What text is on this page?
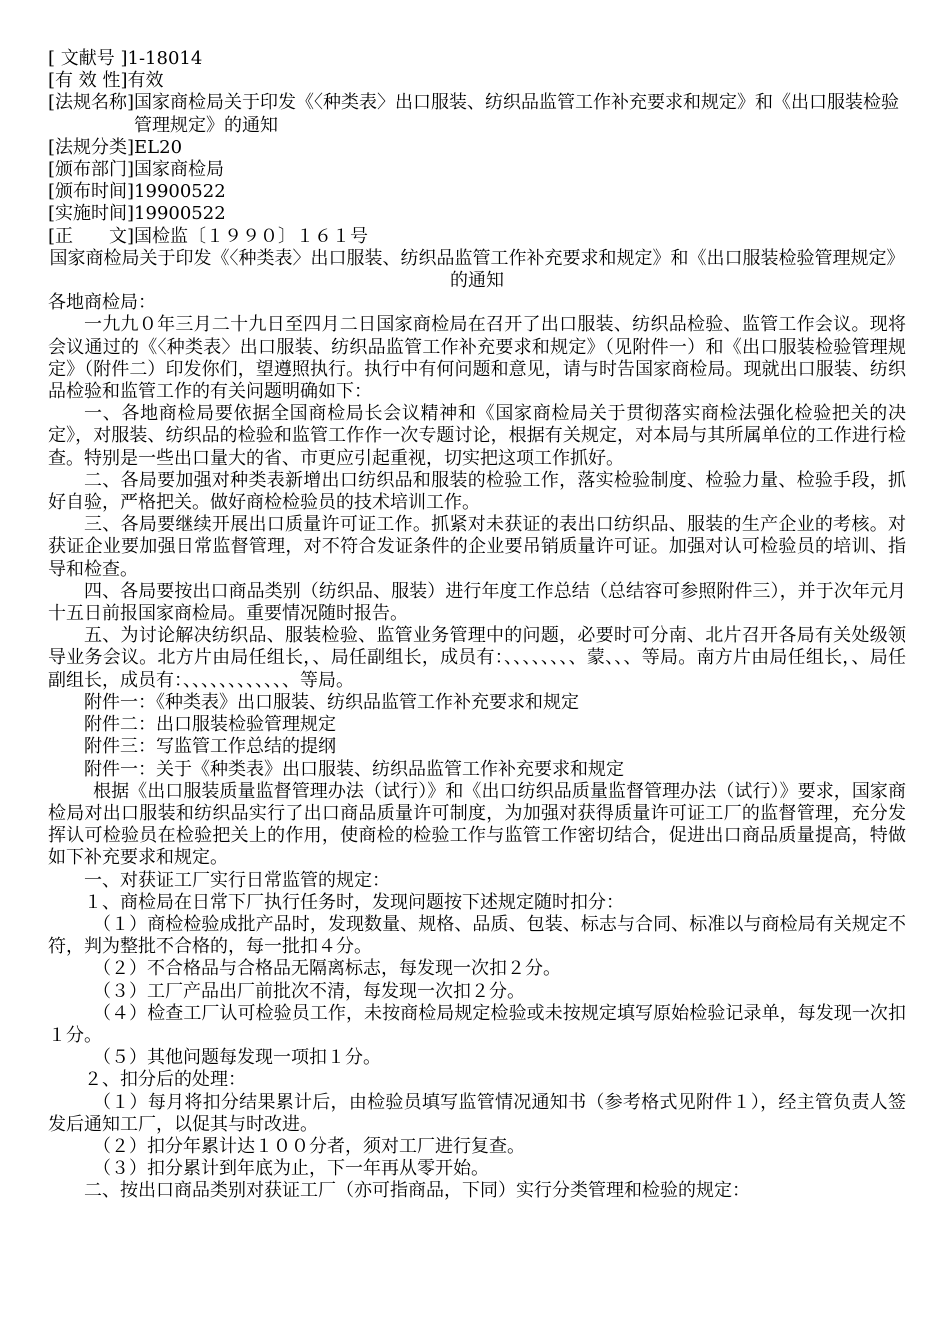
[ 文献号 ] 1-18014
[有 效 性] 有效
[法规名称] 国家商检局关于印发《〈种类表〉出口服装、纺织品监管工作补充要求和规定》和《出口服装检验管理规定》的通知
[法规分类] EL20
[颁布部门] 国家商检局
[颁布时间] 19900522
[实施时间] 19900522
[正　　文] 国检监〔１９９０〕１６１号

国家商检局关于印发《〈种类表〉出口服装、纺织品监管工作补充要求和规定》和《出口服装检验管理规定》的通知

各地商检局：

一九九０年三月二十九日至四月二日国家商检局在召开了出口服装、纺织品检验、监管工作会议。现将会议通过的《〈种类表〉出口服装、纺织品监管工作补充要求和规定》（见附件一）和《出口服装检验管理规定》（附件二）印发你们，望遵照执行。执行中有何问题和意见，请与时告国家商检局。现就出口服装、纺织品检验和监管工作的有关问题明确如下：

一、各地商检局要依据全国商检局长会议精神和《国家商检局关于贯彻落实商检法强化检验把关的决定》，对服装、纺织品的检验和监管工作作一次专题讨论，根据有关规定，对本局与其所属单位的工作进行检查。特别是一些出口量大的省、市更应引起重视，切实把这项工作抓好。

二、各局要加强对种类表新增出口纺织品和服装的检验工作，落实检验制度、检验力量、检验手段，抓好自验，严格把关。做好商检检验员的技术培训工作。

三、各局要继续开展出口质量许可证工作。抓紧对未获证的表出口纺织品、服装的生产企业的考核。对获证企业要加强日常监督管理，对不符合发证条件的企业要吊销质量许可证。加强对认可检验员的培训、指导和检查。

四、各局要按出口商品类别（纺织品、服装）进行年度工作总结（总结容可参照附件三），并于次年元月十五日前报国家商检局。重要情况随时报告。

五、为讨论解决纺织品、服装检验、监管业务管理中的问题，必要时可分南、北片召开各局有关处级领导业务会议。北方片由局任组长，、局任副组长，成员有：、、、、、、、、蒙、、、等局。南方片由局任组长，、局任副组长，成员有：、、、、、、、、、、、、等局。

附件一：《种类表》出口服装、纺织品监管工作补充要求和规定

附件二：出口服装检验管理规定

附件三：写监管工作总结的提纲

附件一：关于《种类表》出口服装、纺织品监管工作补充要求和规定

根据《出口服装质量监督管理办法（试行）》和《出口纺织品质量监督管理办法（试行）》要求，国家商检局对出口服装和纺织品实行了出口商品质量许可制度，为加强对获得质量许可证工厂的监督管理，充分发挥认可检验员在检验把关上的作用，使商检的检验工作与监管工作密切结合，促进出口商品质量提高，特做如下补充要求和规定。

一、对获证工厂实行日常监管的规定：

１、商检局在日常下厂执行任务时，发现问题按下述规定随时扣分：

（１）商检检验成批产品时，发现数量、规格、品质、包装、标志与合同、标准以与商检局有关规定不符，判为整批不合格的，每一批扣４分。

（２）不合格品与合格品无隔离标志，每发现一次扣２分。

（３）工厂产品出厂前批次不清，每发现一次扣２分。

（４）检查工厂认可检验员工作，未按商检局规定检验或未按规定填写原始检验记录单，每发现一次扣１分。

（５）其他问题每发现一项扣１分。

２、扣分后的处理：

（１）每月将扣分结果累计后，由检验员填写监管情况通知书（参考格式见附件１），经主管负责人签发后通知工厂，以促其与时改进。

（２）扣分年累计达１００分者，须对工厂进行复查。

（３）扣分累计到年底为止，下一年再从零开始。

二、按出口商品类别对获证工厂（亦可指商品，下同）实行分类管理和检验的规定：
